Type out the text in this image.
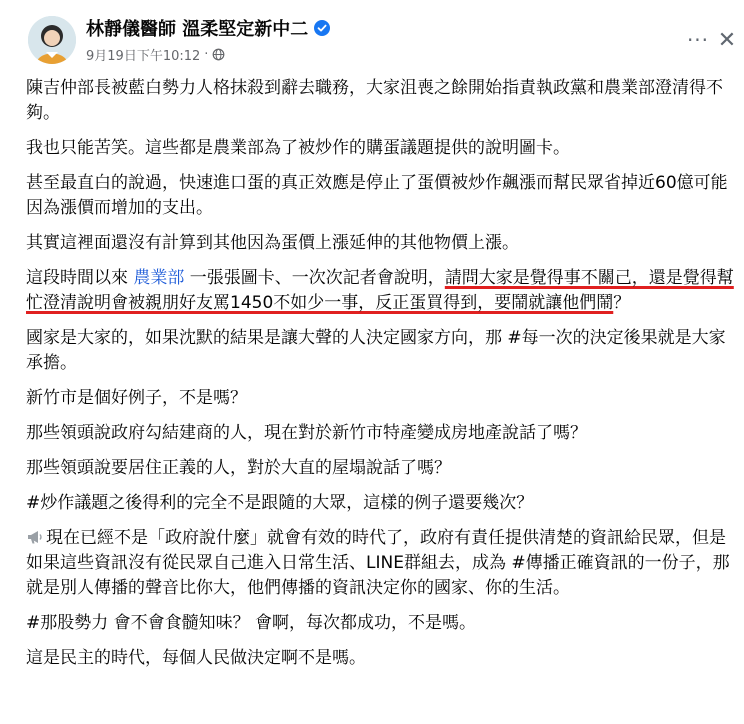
林靜儀醫師 溫柔堅定新中二
9月19日下午10:12 ·
··· ✕

陳吉仲部長被藍白勢力人格抹殺到辭去職務，大家沮喪之餘開始指責執政黨和農業部澄清得不夠。

我也只能苦笑。這些都是農業部為了被炒作的購蛋議題提供的說明圖卡。

甚至最直白的說過，快速進口蛋的真正效應是停止了蛋價被炒作飆漲而幫民眾省掉近60億可能因為漲價而增加的支出。

其實這裡面還沒有計算到其他因為蛋價上漲延伸的其他物價上漲。

這段時間以來 農業部 一張張圖卡、一次次記者會說明，請問大家是覺得事不關己，還是覺得幫忙澄清說明會被親朋好友罵1450不如少一事，反正蛋買得到，要鬧就讓他們鬧？

國家是大家的，如果沈默的結果是讓大聲的人決定國家方向，那 #每一次的決定後果就是大家承擔。

新竹市是個好例子，不是嗎？

那些領頭說政府勾結建商的人，現在對於新竹市特產變成房地產說話了嗎？

那些領頭說要居住正義的人，對於大直的屋塌說話了嗎？

#炒作議題之後得利的完全不是跟隨的大眾，這樣的例子還要幾次？

現在已經不是「政府說什麼」就會有效的時代了，政府有責任提供清楚的資訊給民眾，但是如果這些資訊沒有從民眾自己進入日常生活、LINE群組去，成為 #傳播正確資訊的一份子，那就是別人傳播的聲音比你大，他們傳播的資訊決定你的國家、你的生活。

#那股勢力 會不會食髓知味？ 會啊，每次都成功，不是嗎。

這是民主的時代，每個人民做決定啊不是嗎。
